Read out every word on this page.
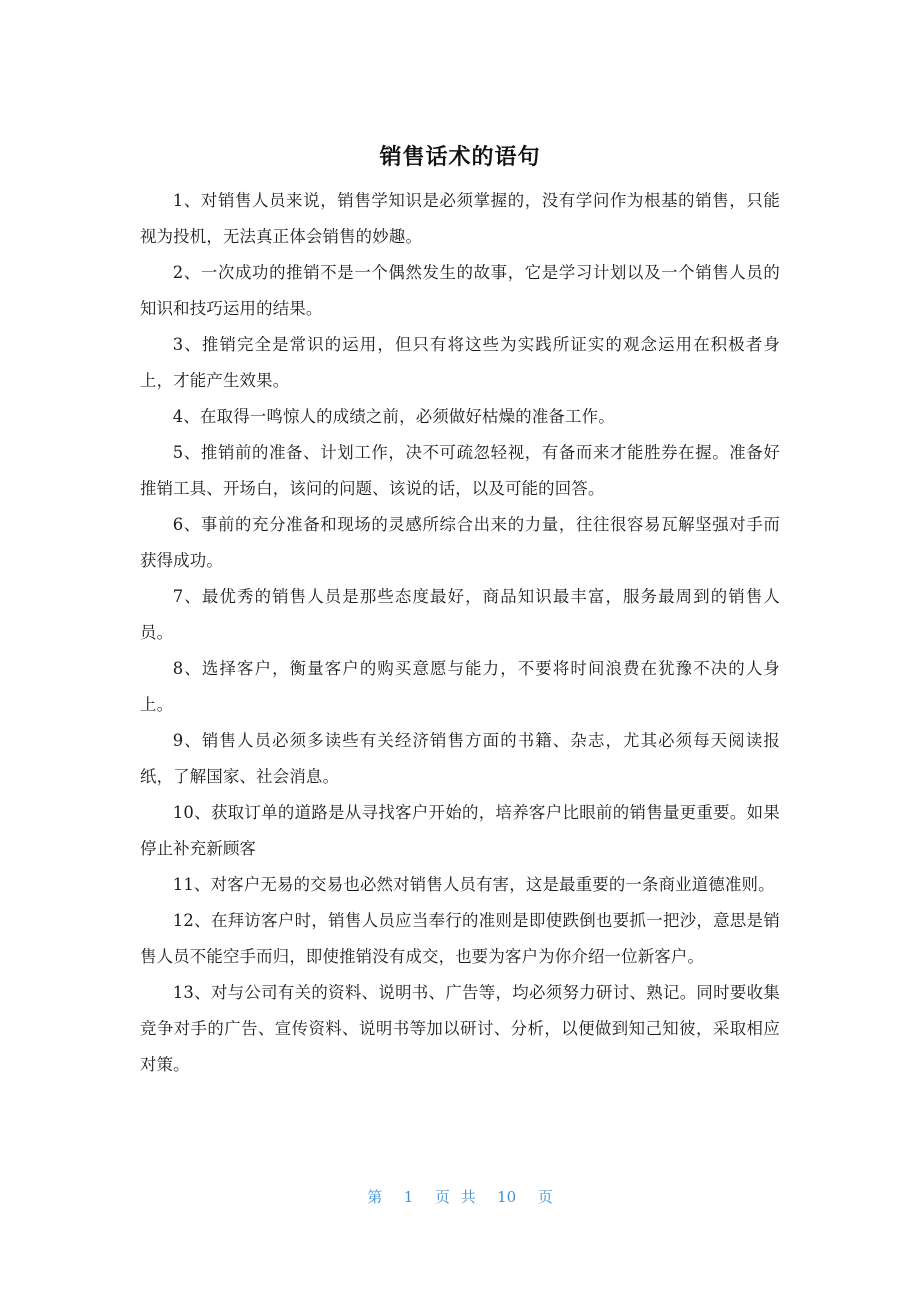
销售话术的语句

1、对销售人员来说，销售学知识是必须掌握的，没有学问作为根基的销售，只能视为投机，无法真正体会销售的妙趣。

2、一次成功的推销不是一个偶然发生的故事，它是学习计划以及一个销售人员的知识和技巧运用的结果。

3、推销完全是常识的运用，但只有将这些为实践所证实的观念运用在积极者身上，才能产生效果。

4、在取得一鸣惊人的成绩之前，必须做好枯燥的准备工作。

5、推销前的准备、计划工作，决不可疏忽轻视，有备而来才能胜券在握。准备好推销工具、开场白，该问的问题、该说的话，以及可能的回答。

6、事前的充分准备和现场的灵感所综合出来的力量，往往很容易瓦解坚强对手而获得成功。

7、最优秀的销售人员是那些态度最好，商品知识最丰富，服务最周到的销售人员。

8、选择客户，衡量客户的购买意愿与能力，不要将时间浪费在犹豫不决的人身上。

9、销售人员必须多读些有关经济销售方面的书籍、杂志，尤其必须每天阅读报纸，了解国家、社会消息。

10、获取订单的道路是从寻找客户开始的，培养客户比眼前的销售量更重要。如果停止补充新顾客

11、对客户无易的交易也必然对销售人员有害，这是最重要的一条商业道德准则。

12、在拜访客户时，销售人员应当奉行的准则是即使跌倒也要抓一把沙，意思是销售人员不能空手而归，即使推销没有成交，也要为客户为你介绍一位新客户。

13、对与公司有关的资料、说明书、广告等，均必须努力研讨、熟记。同时要收集竞争对手的广告、宣传资料、说明书等加以研讨、分析，以便做到知己知彼，采取相应对策。

第  1  页 共  10  页
